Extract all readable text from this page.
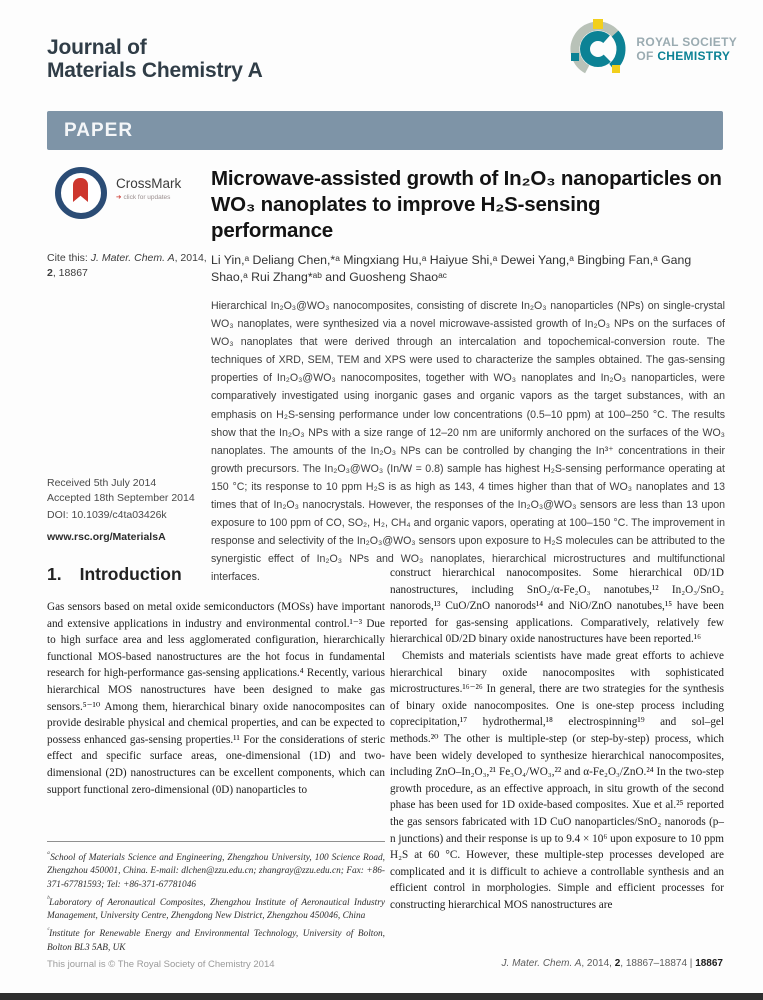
Journal of
Materials Chemistry A
ROYAL SOCIETY
OF CHEMISTRY
PAPER
CrossMark
➔ click for updates
Cite this: J. Mater. Chem. A, 2014, 2, 18867
Received 5th July 2014
Accepted 18th September 2014
DOI: 10.1039/c4ta03426k
www.rsc.org/MaterialsA
Microwave-assisted growth of In₂O₃ nanoparticles on WO₃ nanoplates to improve H₂S-sensing performance
Li Yin,ᵃ Deliang Chen,*ᵃ Mingxiang Hu,ᵃ Haiyue Shi,ᵃ Dewei Yang,ᵃ Bingbing Fan,ᵃ Gang Shao,ᵃ Rui Zhang*ᵃᵇ and Guosheng Shaoᵃᶜ
Hierarchical In₂O₃@WO₃ nanocomposites, consisting of discrete In₂O₃ nanoparticles (NPs) on single-crystal WO₃ nanoplates, were synthesized via a novel microwave-assisted growth of In₂O₃ NPs on the surfaces of WO₃ nanoplates that were derived through an intercalation and topochemical-conversion route. The techniques of XRD, SEM, TEM and XPS were used to characterize the samples obtained. The gas-sensing properties of In₂O₃@WO₃ nanocomposites, together with WO₃ nanoplates and In₂O₃ nanoparticles, were comparatively investigated using inorganic gases and organic vapors as the target substances, with an emphasis on H₂S-sensing performance under low concentrations (0.5–10 ppm) at 100–250 °C. The results show that the In₂O₃ NPs with a size range of 12–20 nm are uniformly anchored on the surfaces of the WO₃ nanoplates. The amounts of the In₂O₃ NPs can be controlled by changing the In³⁺ concentrations in their growth precursors. The In₂O₃@WO₃ (In/W = 0.8) sample has highest H₂S-sensing performance operating at 150 °C; its response to 10 ppm H₂S is as high as 143, 4 times higher than that of WO₃ nanoplates and 13 times that of In₂O₃ nanocrystals. However, the responses of the In₂O₃@WO₃ sensors are less than 13 upon exposure to 100 ppm of CO, SO₂, H₂, CH₄ and organic vapors, operating at 100–150 °C. The improvement in response and selectivity of the In₂O₃@WO₃ sensors upon exposure to H₂S molecules can be attributed to the synergistic effect of In₂O₃ NPs and WO₃ nanoplates, hierarchical microstructures and multifunctional interfaces.
1. Introduction

Gas sensors based on metal oxide semiconductors (MOSs) have important and extensive applications in industry and environmental control.¹⁻³ Due to high surface area and less agglomerated configuration, hierarchically functional MOS-based nanostructures are the hot focus in fundamental research for high-performance gas-sensing applications.⁴ Recently, various hierarchical MOS nanostructures have been designed to make gas sensors.⁵⁻¹⁰ Among them, hierarchical binary oxide nanocomposites can provide desirable physical and chemical properties, and can be expected to possess enhanced gas-sensing properties.¹¹ For the considerations of steric effect and specific surface areas, one-dimensional (1D) and two-dimensional (2D) nanostructures can be excellent components, which can support functional zero-dimensional (0D) nanoparticles to

construct hierarchical nanocomposites. Some hierarchical 0D/1D nanostructures, including SnO₂/α-Fe₂O₃ nanotubes,¹² In₂O₃/SnO₂ nanorods,¹³ CuO/ZnO nanorods¹⁴ and NiO/ZnO nanotubes,¹⁵ have been reported for gas-sensing applications. Comparatively, relatively few hierarchical 0D/2D binary oxide nanostructures have been reported.¹⁶

Chemists and materials scientists have made great efforts to achieve hierarchical binary oxide nanocomposites with sophisticated microstructures.¹⁶⁻²⁶ In general, there are two strategies for the synthesis of binary oxide nanocomposites. One is one-step process including coprecipitation,¹⁷ hydrothermal,¹⁸ electrospinning¹⁹ and sol–gel methods.²⁰ The other is multiple-step (or step-by-step) process, which have been widely developed to synthesize hierarchical nanocomposites, including ZnO–In₂O₃,²¹ Fe₃O₄/WO₃,²² and α-Fe₂O₃/ZnO.²⁴ In the two-step growth procedure, as an effective approach, in situ growth of the second phase has been used for 1D oxide-based composites. Xue et al.²⁵ reported the gas sensors fabricated with 1D CuO nanoparticles/SnO₂ nanorods (p–n junctions) and their response is up to 9.4 × 10⁶ upon exposure to 10 ppm H₂S at 60 °C. However, these multiple-step processes developed are complicated and it is difficult to achieve a controllable synthesis and an efficient control in morphologies. Simple and efficient processes for constructing hierarchical MOS nanostructures are

ᵃSchool of Materials Science and Engineering, Zhengzhou University, 100 Science Road, Zhengzhou 450001, China. E-mail: dlchen@zzu.edu.cn; zhangray@zzu.edu.cn; Fax: +86-371-67781593; Tel: +86-371-67781046

ᵇLaboratory of Aeronautical Composites, Zhengzhou Institute of Aeronautical Industry Management, University Centre, Zhengdong New District, Zhengzhou 450046, China

ᶜInstitute for Renewable Energy and Environmental Technology, University of Bolton, Bolton BL3 5AB, UK

This journal is © The Royal Society of Chemistry 2014	J. Mater. Chem. A, 2014, 2, 18867–18874 | 18867
